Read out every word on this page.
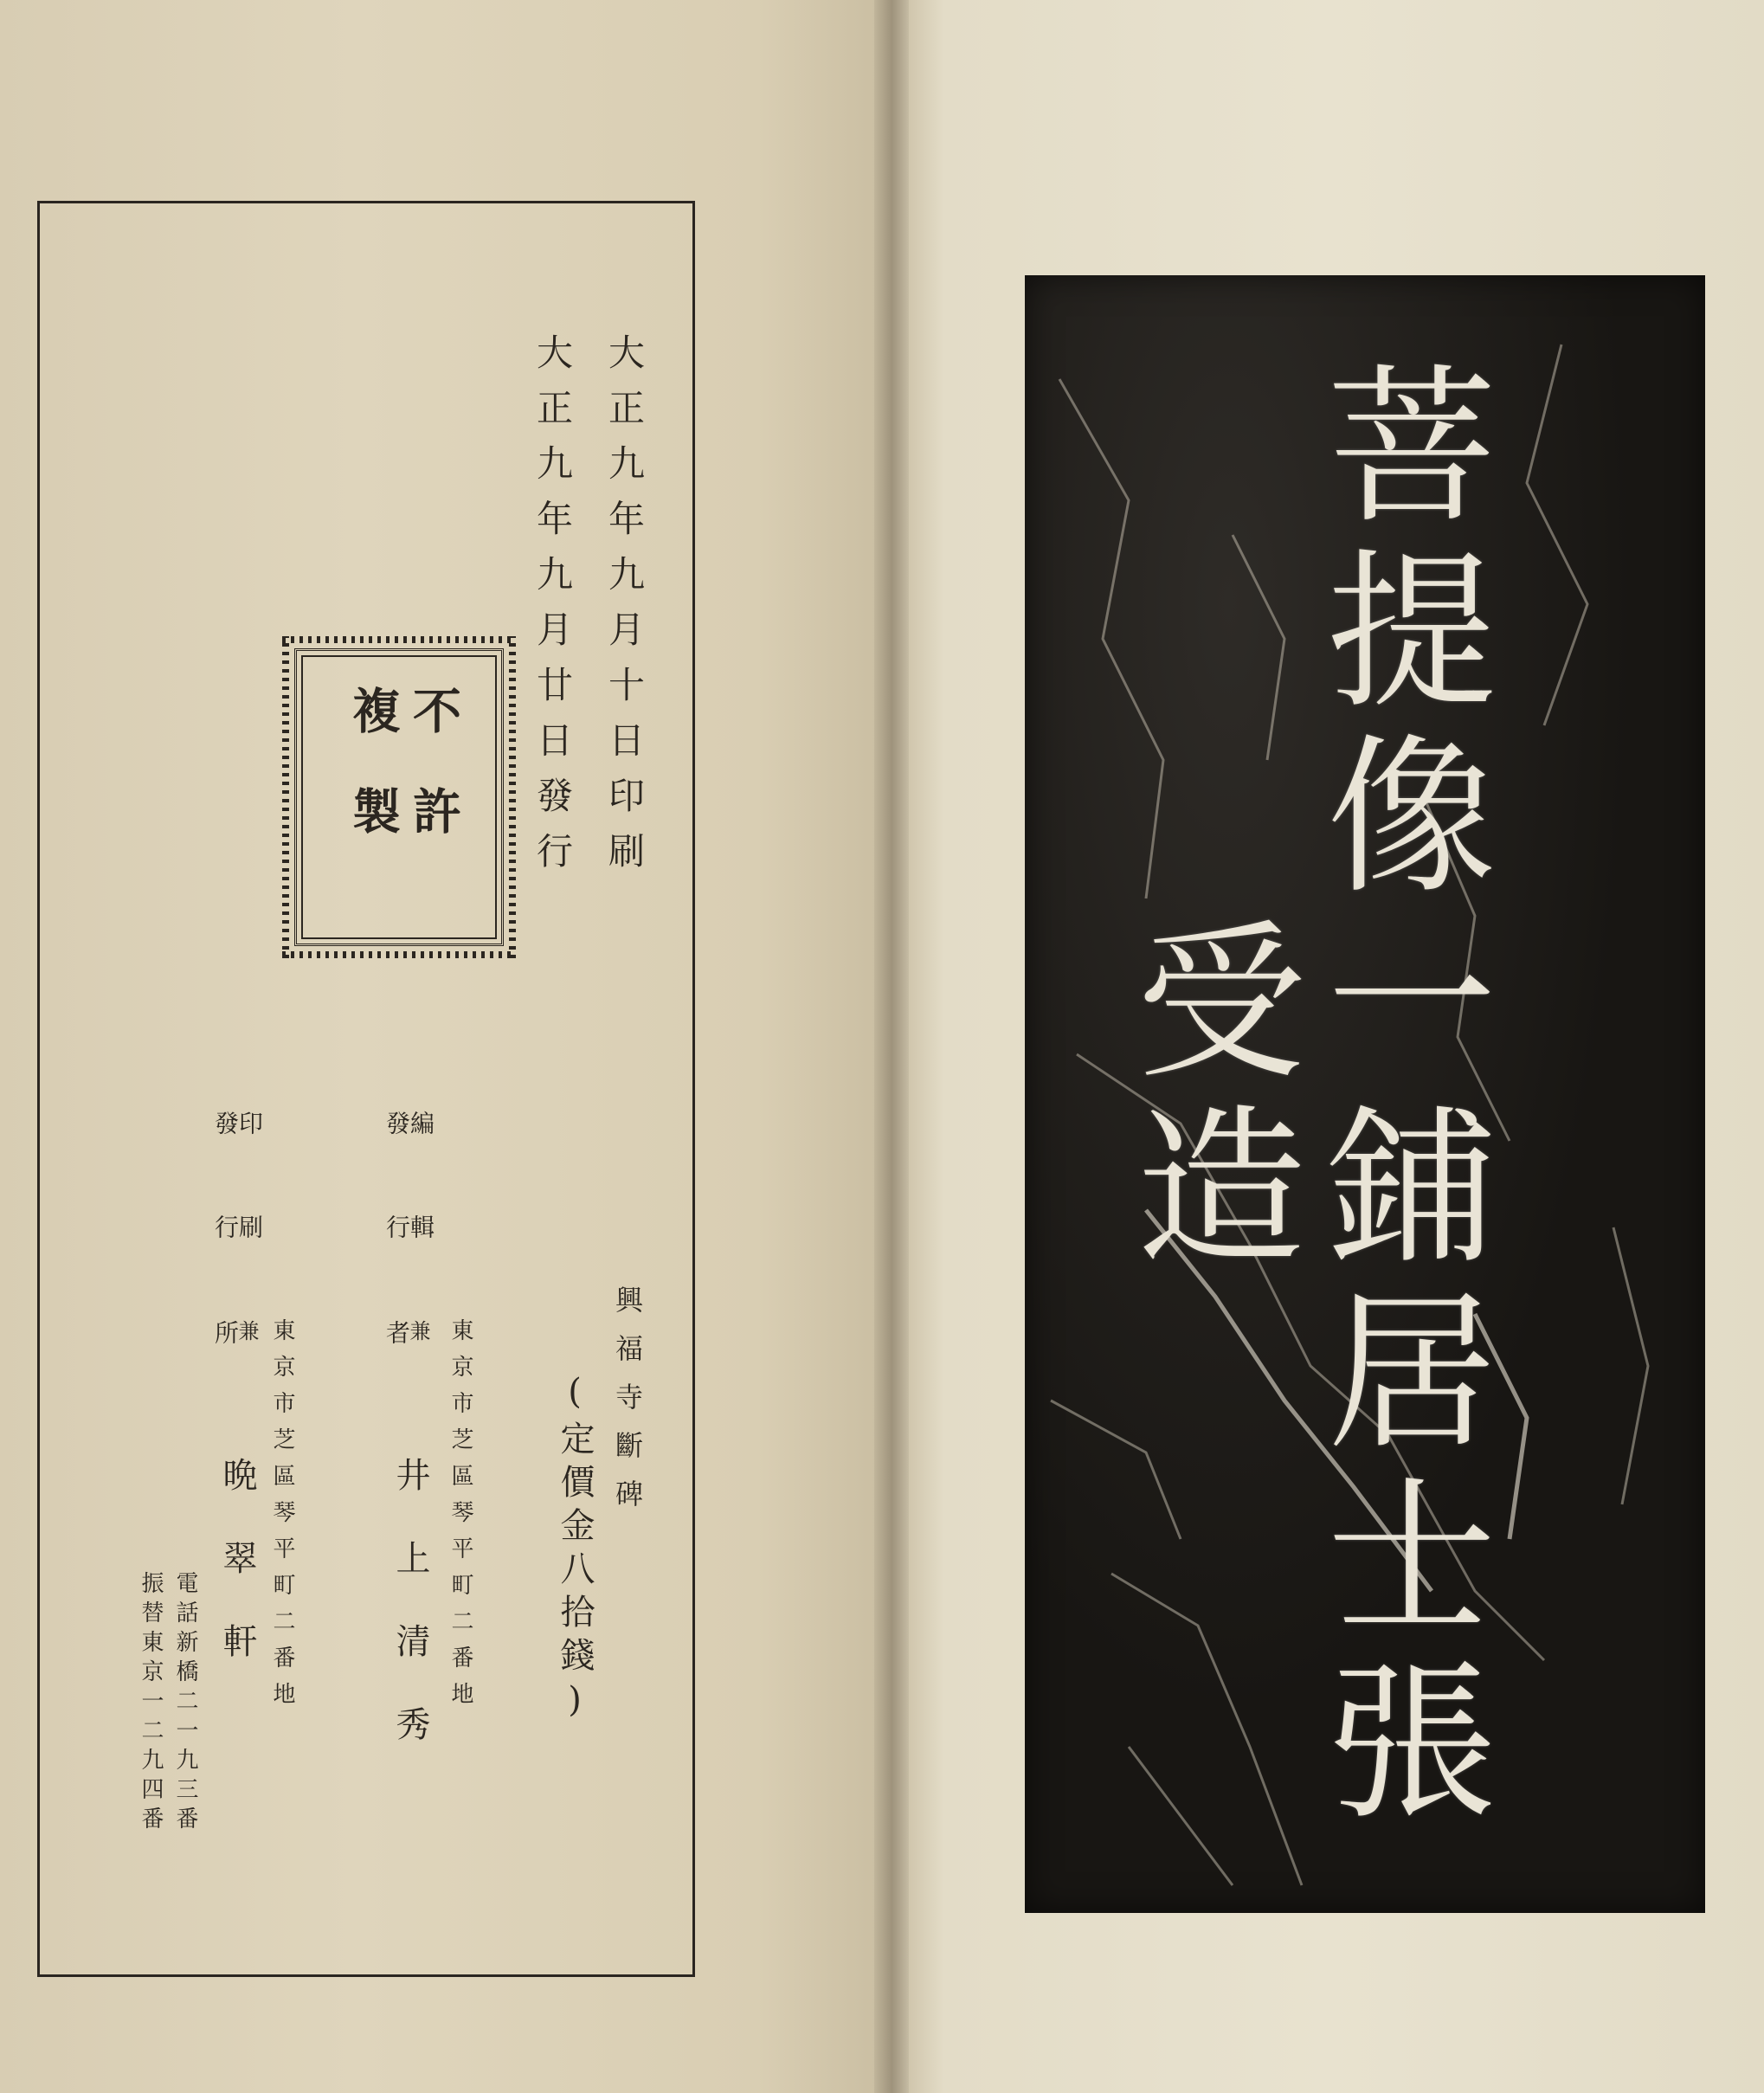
大正九年九月十日印刷
大正九年九月廿日發行
不許
複製
興福寺斷碑
(定價金八拾錢)
編
輯
發
行
兼
者 東京市芝區琴平町二番地
井　上　清　秀
印
刷
發
行
兼
所 東京市芝區琴平町二番地
晩　翠　軒
電話新橋二一九三番
振替東京一二九四番	菩提像一鋪居士張受造
